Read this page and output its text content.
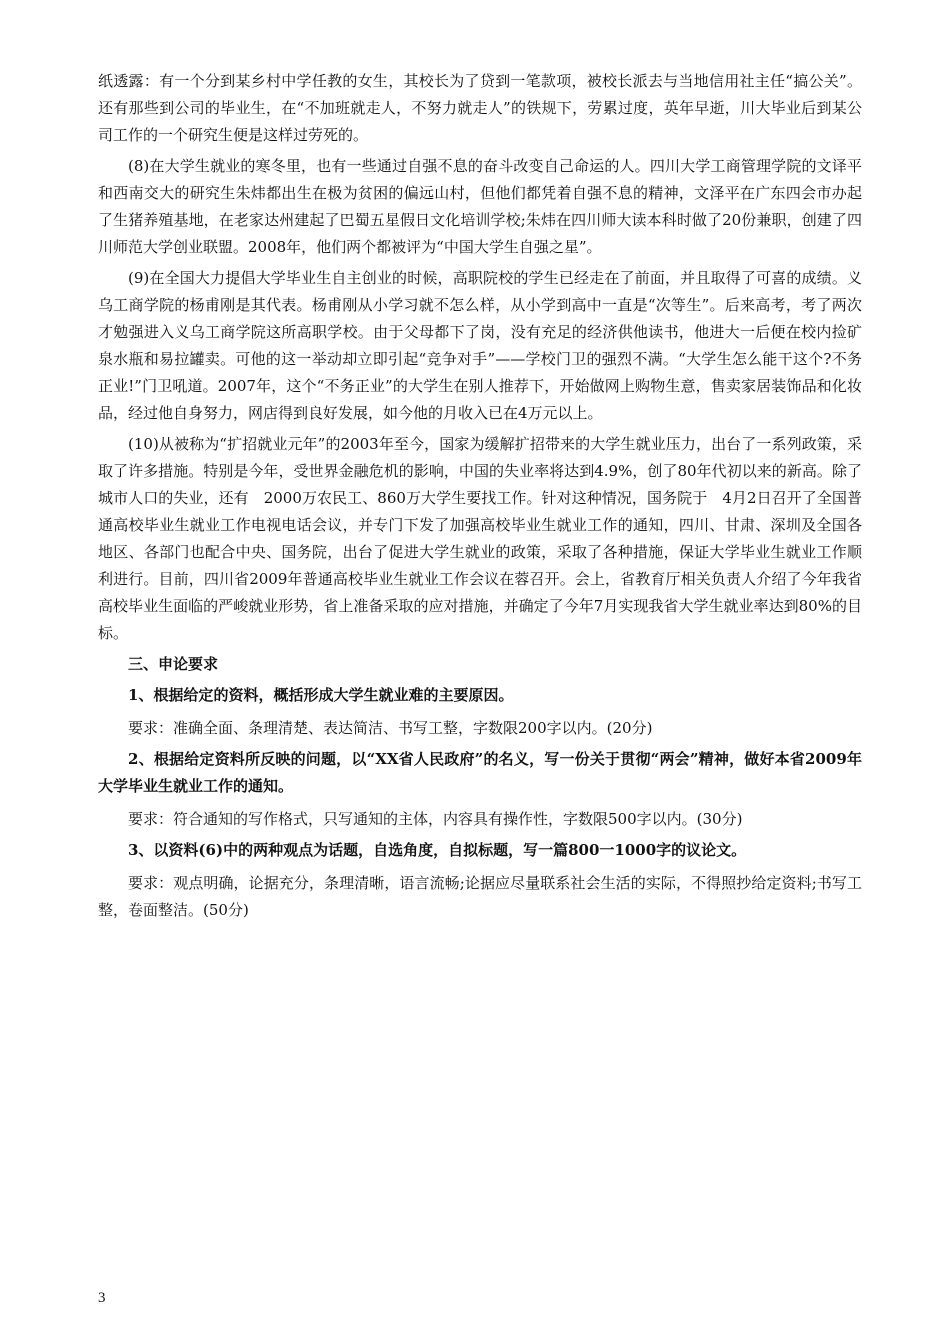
纸透露：有一个分到某乡村中学任教的女生，其校长为了贷到一笔款项，被校长派去与当地信用社主任“搞公关”。还有那些到公司的毕业生，在“不加班就走人，不努力就走人”的铁规下，劳累过度，英年早逝，川大毕业后到某公司工作的一个研究生便是这样过劳死的。

(8)在大学生就业的寒冬里，也有一些通过自强不息的奋斗改变自己命运的人。四川大学工商管理学院的文译平和西南交大的研究生朱炜都出生在极为贫困的偏远山村，但他们都凭着自强不息的精神，文泽平在广东四会市办起了生猪养殖基地，在老家达州建起了巴蜀五星假日文化培训学校;朱炜在四川师大读本科时做了20份兼职，创建了四川师范大学创业联盟。2008年，他们两个都被评为“中国大学生自强之星”。

(9)在全国大力提倡大学毕业生自主创业的时候，高职院校的学生已经走在了前面，并且取得了可喜的成绩。义乌工商学院的杨甫刚是其代表。杨甫刚从小学习就不怎么样，从小学到高中一直是“次等生”。后来高考，考了两次才勉强进入义乌工商学院这所高职学校。由于父母都下了岗，没有充足的经济供他读书，他进大一后便在校内捡矿泉水瓶和易拉罐卖。可他的这一举动却立即引起“竞争对手”——学校门卫的强烈不满。“大学生怎么能干这个?不务正业!”门卫吼道。2007年，这个“不务正业”的大学生在别人推荐下，开始做网上购物生意，售卖家居装饰品和化妆品，经过他自身努力，网店得到良好发展，如今他的月收入已在4万元以上。

(10)从被称为“扩招就业元年”的2003年至今，国家为缓解扩招带来的大学生就业压力，出台了一系列政策，采取了许多措施。特别是今年，受世界金融危机的影响，中国的失业率将达到4.9%，创了80年代初以来的新高。除了城市人口的失业，还有　2000万农民工、860万大学生要找工作。针对这种情况，国务院于　4月2日召开了全国普通高校毕业生就业工作电视电话会议，并专门下发了加强高校毕业生就业工作的通知，四川、甘肃、深圳及全国各地区、各部门也配合中央、国务院，出台了促进大学生就业的政策，采取了各种措施，保证大学毕业生就业工作顺利进行。目前，四川省2009年普通高校毕业生就业工作会议在蓉召开。会上，省教育厅相关负责人介绍了今年我省高校毕业生面临的严峻就业形势，省上准备采取的应对措施，并确定了今年7月实现我省大学生就业率达到80%的目标。

三、申论要求

1、根据给定的资料，概括形成大学生就业难的主要原因。

要求：准确全面、条理清楚、表达简洁、书写工整，字数限200字以内。(20分)

2、根据给定资料所反映的问题，以“XX省人民政府”的名义，写一份关于贯彻“两会”精神，做好本省2009年大学毕业生就业工作的通知。

要求：符合通知的写作格式，只写通知的主体，内容具有操作性，字数限500字以内。(30分)

3、以资料(6)中的两种观点为话题，自选角度，自拟标题，写一篇800一1000字的议论文。

要求：观点明确，论据充分，条理清晰，语言流畅;论据应尽量联系社会生活的实际，不得照抄给定资料;书写工整，卷面整洁。(50分)

3
